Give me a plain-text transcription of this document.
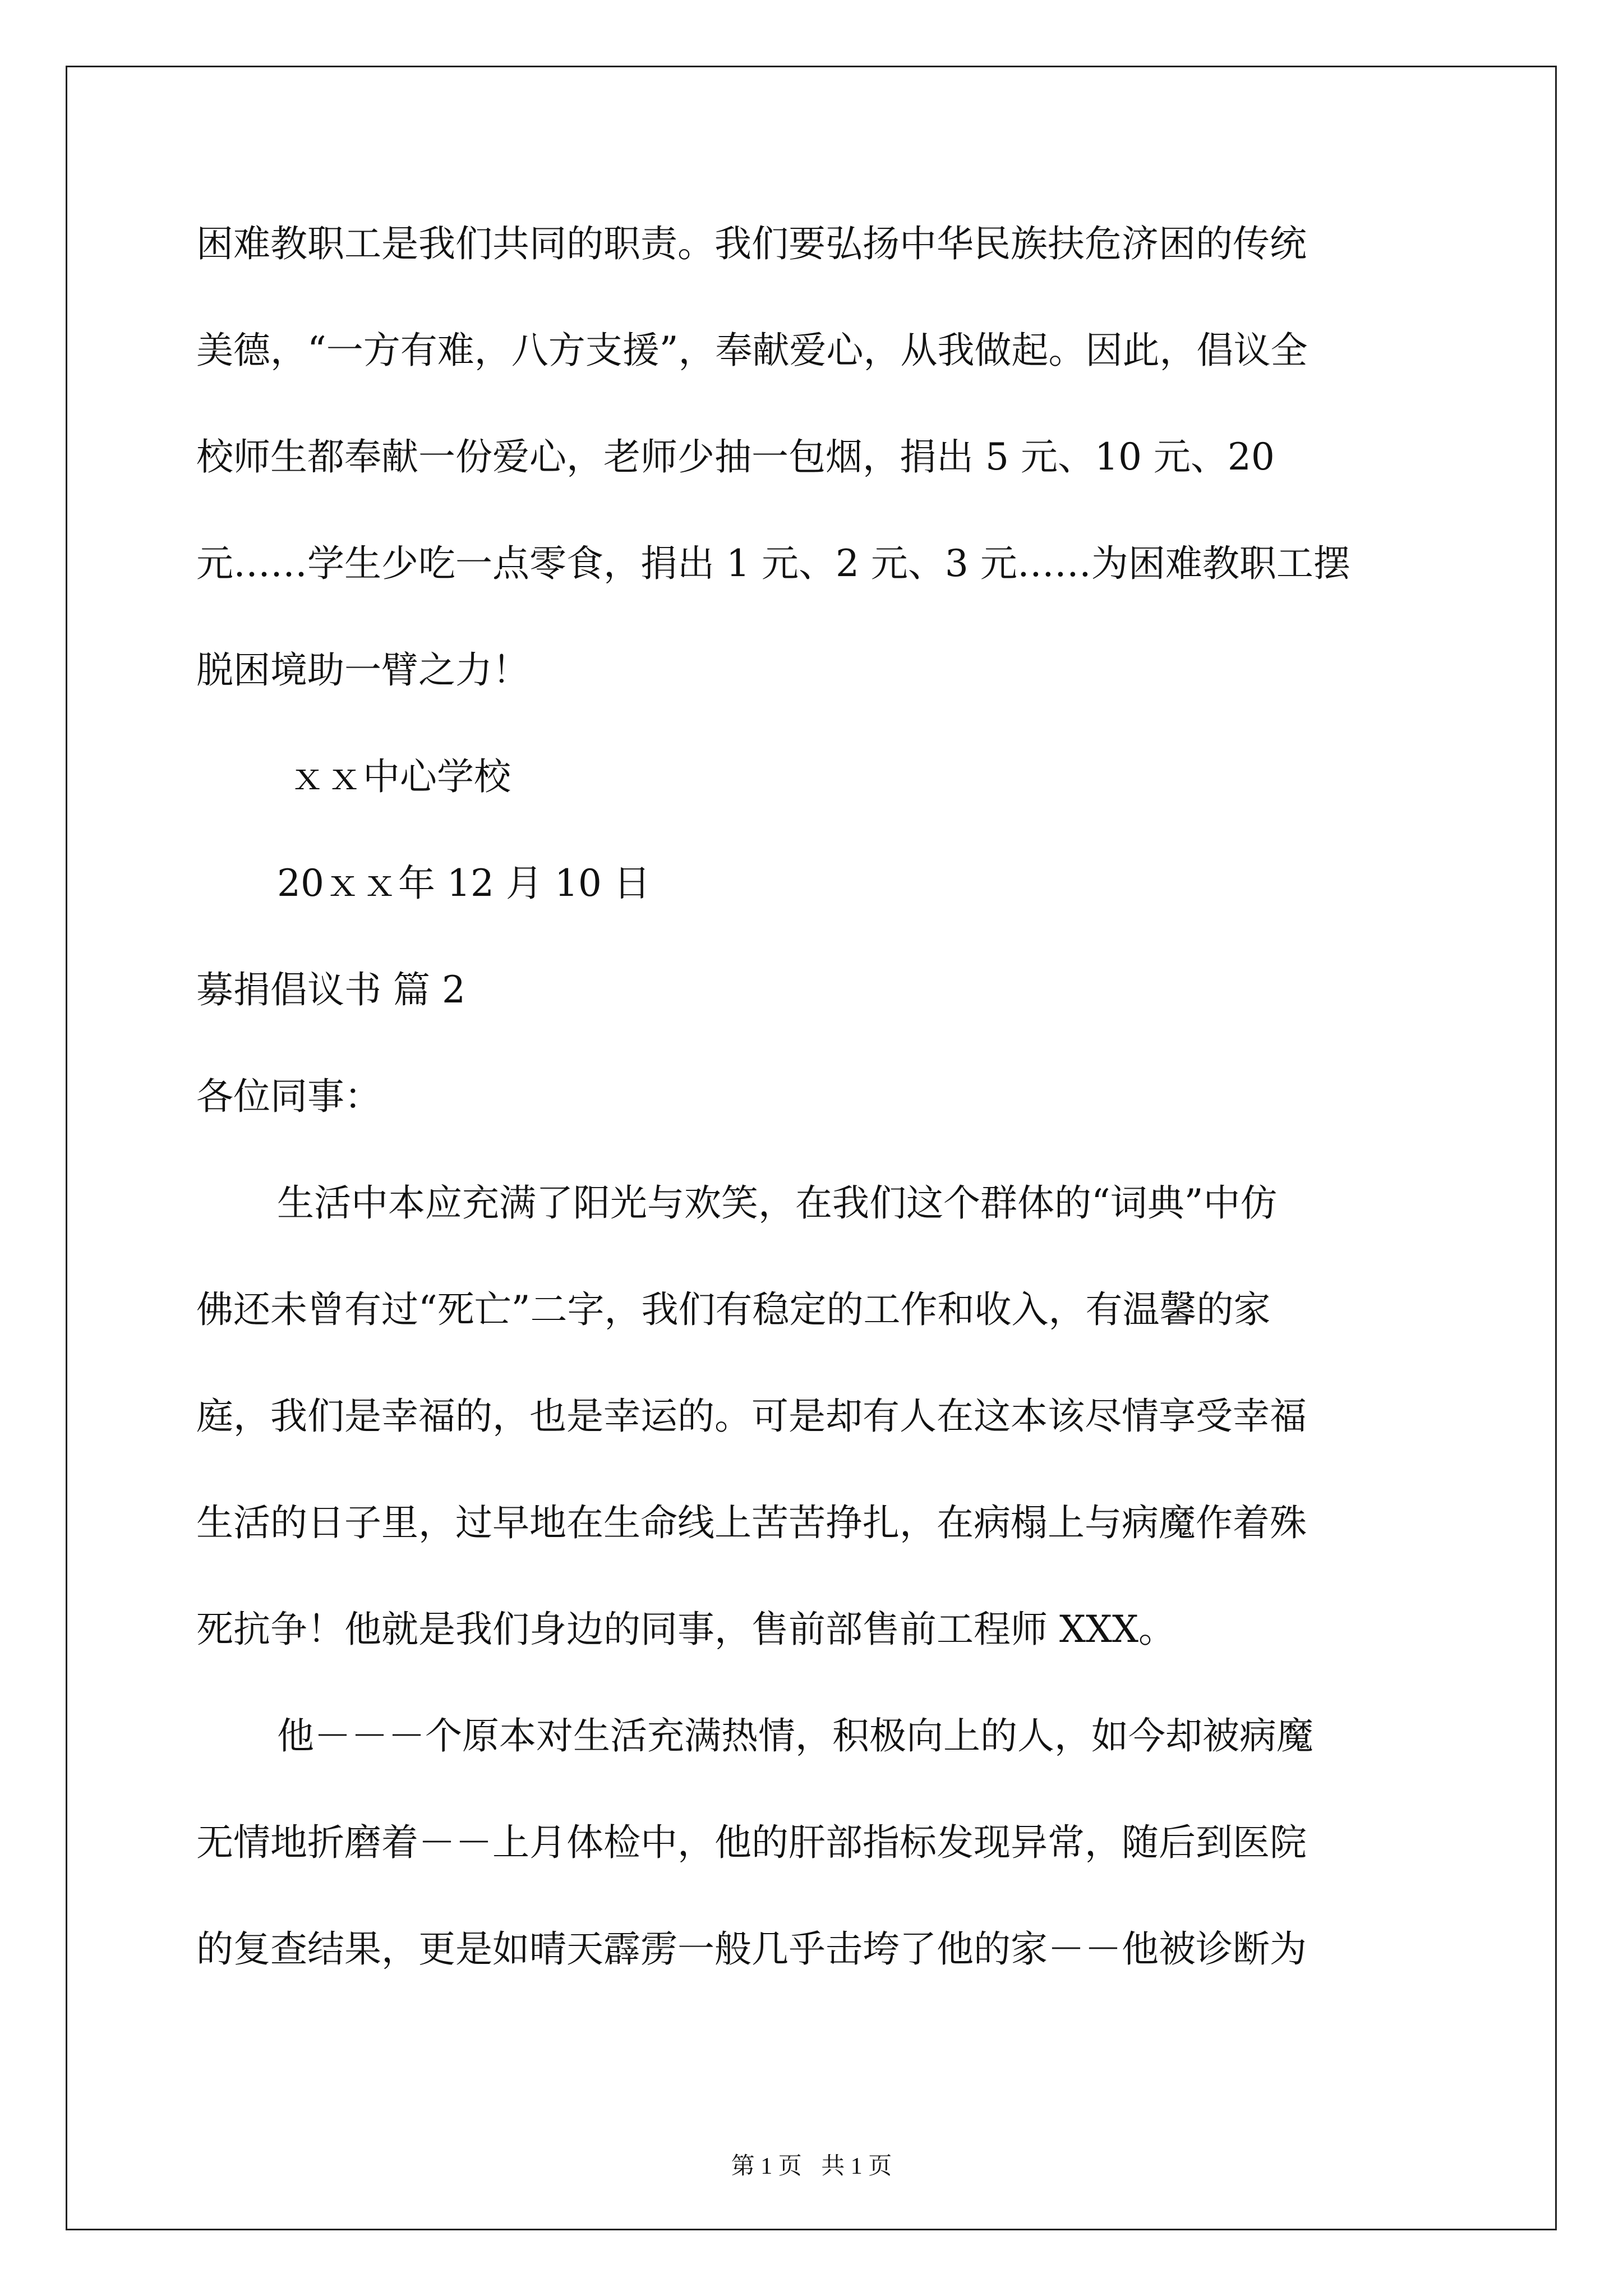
困难教职工是我们共同的职责。我们要弘扬中华民族扶危济困的传统
美德，“一方有难，八方支援”，奉献爱心，从我做起。因此，倡议全
校师生都奉献一份爱心，老师少抽一包烟，捐出 5 元、10 元、20
元……学生少吃一点零食，捐出 1 元、2 元、3 元……为困难教职工摆
脱困境助一臂之力！
ｘｘ中心学校
20ｘｘ年 12 月 10 日
募捐倡议书 篇 2
各位同事：
生活中本应充满了阳光与欢笑，在我们这个群体的“词典”中仿
佛还未曾有过“死亡”二字，我们有稳定的工作和收入，有温馨的家
庭，我们是幸福的，也是幸运的。可是却有人在这本该尽情享受幸福
生活的日子里，过早地在生命线上苦苦挣扎，在病榻上与病魔作着殊
死抗争！他就是我们身边的同事，售前部售前工程师 XXX。
他－－－个原本对生活充满热情，积极向上的人，如今却被病魔
无情地折磨着－－上月体检中，他的肝部指标发现异常，随后到医院
的复查结果，更是如晴天霹雳一般几乎击垮了他的家－－他被诊断为
第 1 页 共 1 页
